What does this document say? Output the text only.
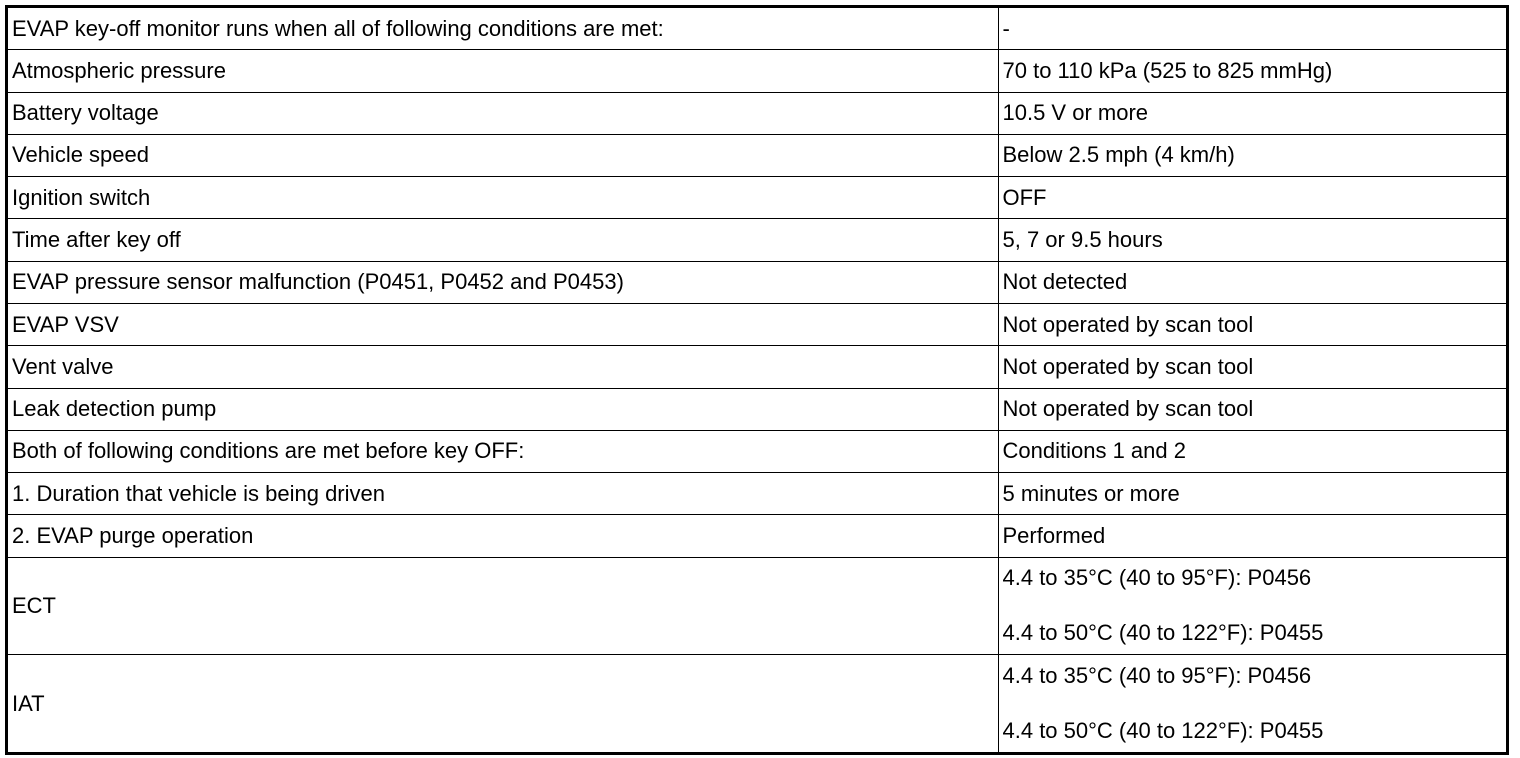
EVAP key-off monitor runs when all of following conditions are met:	-
Atmospheric pressure	70 to 110 kPa (525 to 825 mmHg)
Battery voltage	10.5 V or more
Vehicle speed	Below 2.5 mph (4 km/h)
Ignition switch	OFF
Time after key off	5, 7 or 9.5 hours
EVAP pressure sensor malfunction (P0451, P0452 and P0453)	Not detected
EVAP VSV	Not operated by scan tool
Vent valve	Not operated by scan tool
Leak detection pump	Not operated by scan tool
Both of following conditions are met before key OFF:	Conditions 1 and 2
1. Duration that vehicle is being driven	5 minutes or more
2. EVAP purge operation	Performed
ECT	4.4 to 35°C (40 to 95°F): P0456
4.4 to 50°C (40 to 122°F): P0455

IAT	4.4 to 35°C (40 to 95°F): P0456
4.4 to 50°C (40 to 122°F): P0455
